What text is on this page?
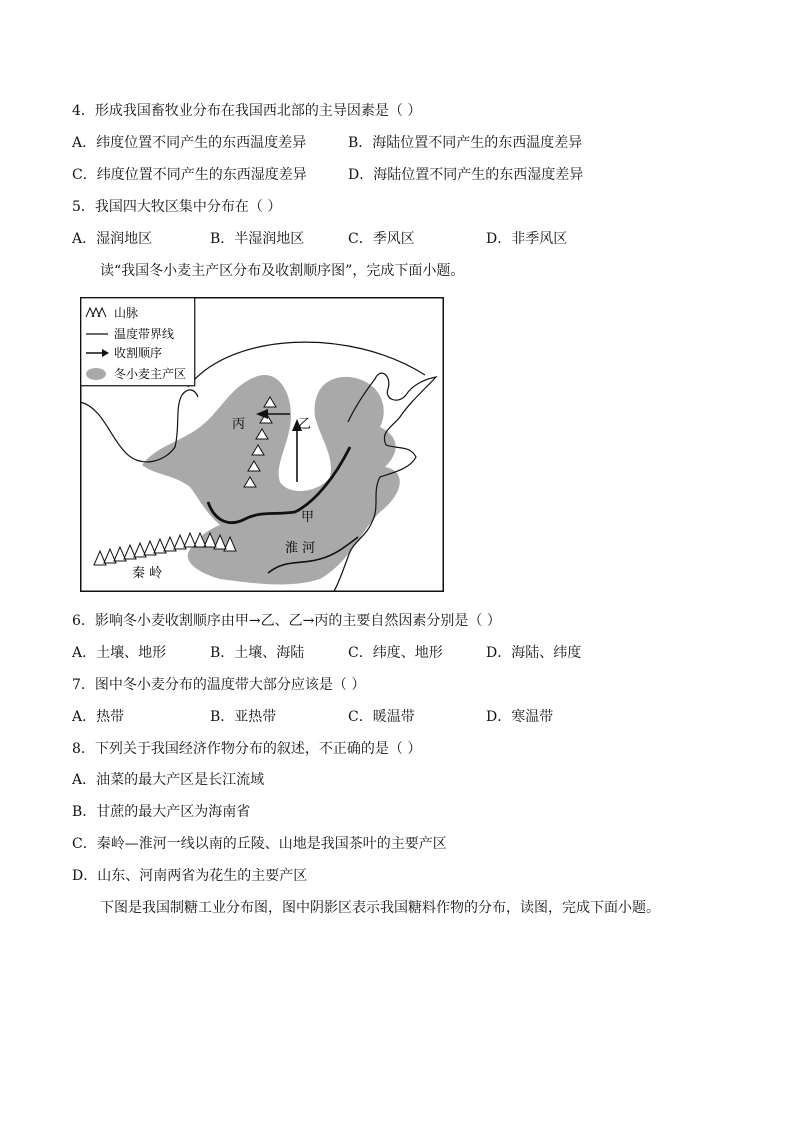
4．形成我国畜牧业分布在我国西北部的主导因素是（ ）
A．纬度位置不同产生的东西温度差异	B．海陆位置不同产生的东西温度差异
C．纬度位置不同产生的东西湿度差异	D．海陆位置不同产生的东西湿度差异
5．我国四大牧区集中分布在（ ）
A．湿润地区	B．半湿润地区	C．季风区	D．非季风区
读“我国冬小麦主产区分布及收割顺序图”，完成下面小题。
山脉
温度带界线
收割顺序
冬小麦主产区
丙	乙
甲
淮 河
秦 岭
6．影响冬小麦收割顺序由甲→乙、乙→丙的主要自然因素分别是（ ）
A．土壤、地形	B．土壤、海陆	C．纬度、地形	D．海陆、纬度
7．图中冬小麦分布的温度带大部分应该是（ ）
A．热带	B．亚热带	C．暖温带	D．寒温带
8．下列关于我国经济作物分布的叙述，不正确的是（ ）
A．油菜的最大产区是长江流域
B．甘蔗的最大产区为海南省
C．秦岭—淮河一线以南的丘陵、山地是我国茶叶的主要产区
D．山东、河南两省为花生的主要产区
下图是我国制糖工业分布图，图中阴影区表示我国糖料作物的分布，读图，完成下面小题。
